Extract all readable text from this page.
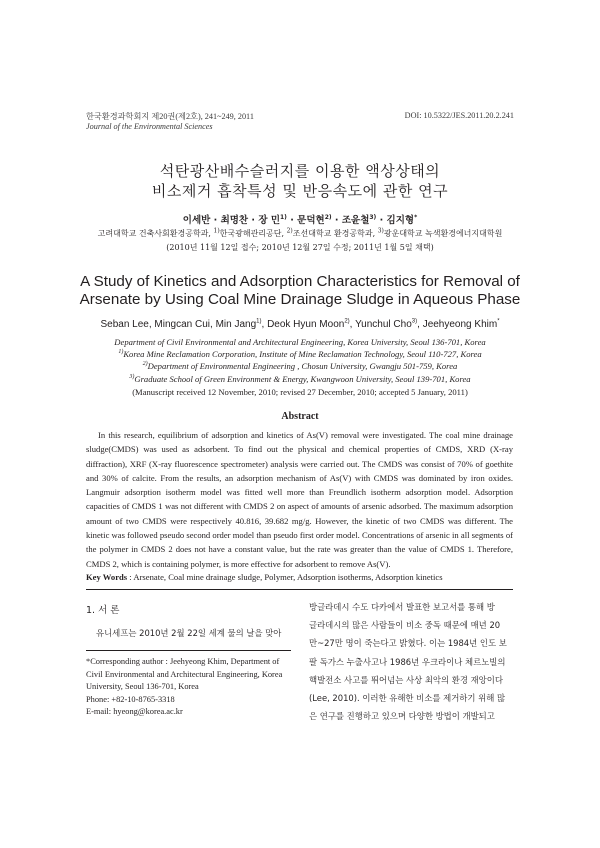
한국환경과학회지 제20권(제2호), 241~249, 2011
Journal of the Environmental Sciences
DOI: 10.5322/JES.2011.20.2.241
석탄광산배수슬러지를 이용한 액상상태의
비소제거 흡착특성 및 반응속도에 관한 연구
이세반 · 최명찬 · 장 민$^{1)}$ · 문덕현$^{2)}$ · 조윤철$^{3)}$ · 김지형*
고려대학교 건축사회환경공학과, $^{1)}$한국광해관리공단, $^{2)}$조선대학교 환경공학과, $^{3)}$광운대학교 녹색환경에너지대학원
(2010년 11월 12일 접수; 2010년 12월 27일 수정; 2011년 1월 5일 채택)
A Study of Kinetics and Adsorption Characteristics for Removal of
Arsenate by Using Coal Mine Drainage Sludge in Aqueous Phase
Seban Lee, Mingcan Cui, Min Jang$^{1)}$, Deok Hyun Moon$^{2)}$, Yunchul Cho$^{3)}$, Jeehyeong Khim*
Department of Civil Environmental and Architectural Engineering, Korea University, Seoul 136-701, Korea
$^{1)}$Korea Mine Reclamation Corporation, Institute of Mine Reclamation Technology, Seoul 110-727, Korea
$^{2)}$Department of Environmental Engineering , Chosun University, Gwangju 501-759, Korea
$^{3)}$Graduate School of Green Environment & Energy, Kwangwoon University, Seoul 139-701, Korea
(Manuscript received 12 November, 2010; revised 27 December, 2010; accepted 5 January, 2011)
Abstract

In this research, equilibrium of adsorption and kinetics of As(V) removal were investigated. The coal mine drainage sludge(CMDS) was used as adsorbent. To find out the physical and chemical properties of CMDS, XRD (X-ray diffraction), XRF (X-ray fluorescence spectrometer) analysis were carried out. The CMDS was consist of 70% of goethite and 30% of calcite. From the results, an adsorption mechanism of As(V) with CMDS was dominated by iron oxides. Langmuir adsorption isotherm model was fitted well more than Freundlich isotherm adsorption model. Adsorption capacities of CMDS 1 was not different with CMDS 2 on aspect of amounts of arsenic adsorbed. The maximum adsorption amount of two CMDS were respectively 40.816, 39.682 mg/g. However, the kinetic of two CMDS was different. The kinetic was followed pseudo second order model than pseudo first order model. Concentrations of arsenic in all segments of the polymer in CMDS 2 does not have a constant value, but the rate was greater than the value of CMDS 1. Therefore, CMDS 2, which is containing polymer, is more effective for adsorbent to remove As(V).

Key Words : Arsenate, Coal mine drainage sludge, Polymer, Adsorption isotherms, Adsorption kinetics
1. 서 론
유니세프는 2010년 2월 22일 세계 물의 날을 맞아
*Corresponding author : Jeehyeong Khim, Department of
Civil Environmental and Architectural Engineering, Korea
University, Seoul 136-701, Korea
Phone: +82-10-8765-3318
E-mail: hyeong@korea.ac.kr
방글라데시 수도 다카에서 발표한 보고서를 통해 방
글라데시의 많은 사람들이 비소 중독 때문에 매년 20
만~27만 명이 죽는다고 밝혔다. 이는 1984년 인도 보
팔 독가스 누출사고나 1986년 우크라이나 체르노빌의
핵발전소 사고를 뛰어넘는 사상 최악의 환경 재앙이다
(Lee, 2010). 이러한 유해한 비소를 제거하기 위해 많
은 연구를 진행하고 있으며 다양한 방법이 개발되고
